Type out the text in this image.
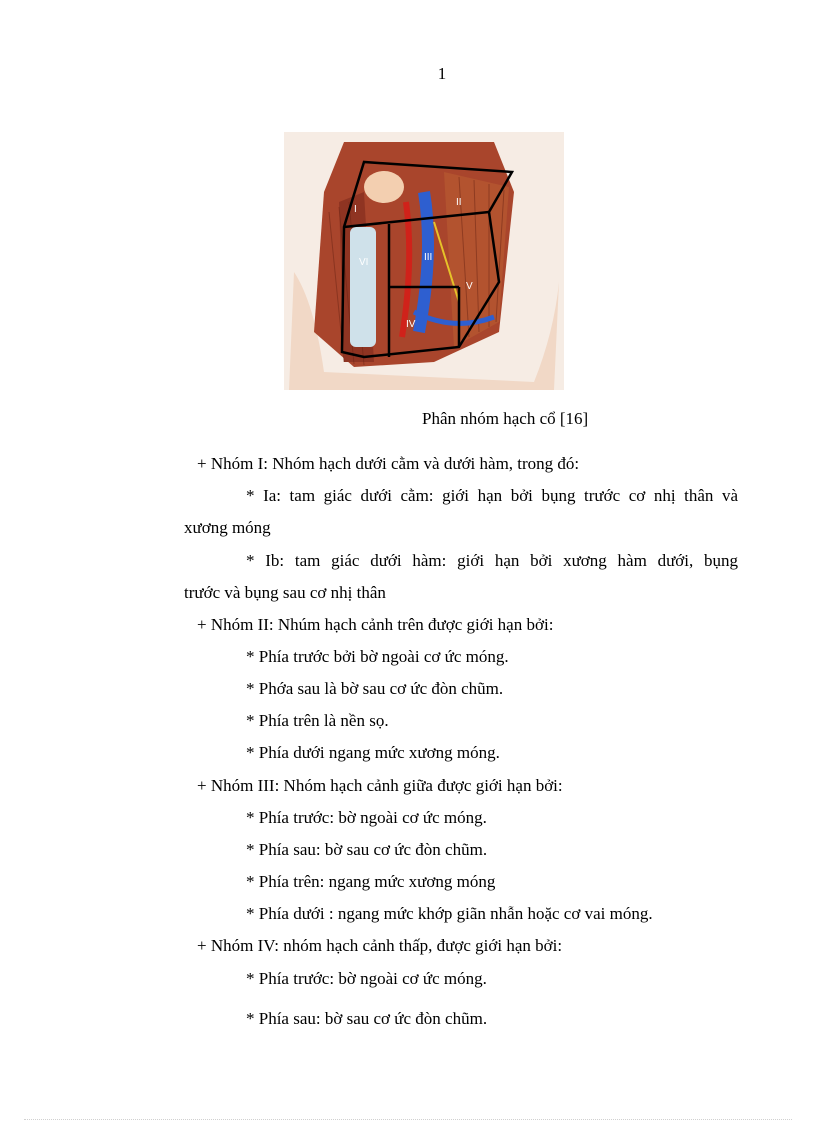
1
I
II
III
IV
V
VI
Phân nhóm hạch cổ [16]
+ Nhóm I: Nhóm hạch dưới cằm và dưới hàm, trong đó:
* Ia: tam giác dưới cằm: giới hạn bởi bụng trước cơ nhị thân và
xương móng
* Ib: tam giác dưới hàm: giới hạn bởi xương hàm dưới, bụng
trước và bụng sau cơ nhị thân
+ Nhóm II: Nhúm hạch cảnh trên được giới hạn bởi:
* Phía trước bởi bờ ngoài cơ ức móng.
* Phớa sau là bờ sau cơ ức đòn chũm.
* Phía trên là nền sọ.
* Phía dưới ngang mức xương móng.
+ Nhóm III: Nhóm hạch cảnh giữa được giới hạn bởi:
* Phía trước: bờ ngoài cơ ức móng.
* Phía sau: bờ sau cơ ức đòn chũm.
* Phía trên: ngang mức xương móng
* Phía dưới : ngang mức khớp giãn nhẫn hoặc cơ vai móng.
+ Nhóm IV: nhóm hạch cảnh thấp, được giới hạn bởi:
* Phía trước: bờ ngoài cơ ức móng.
* Phía sau: bờ sau cơ ức đòn chũm.
